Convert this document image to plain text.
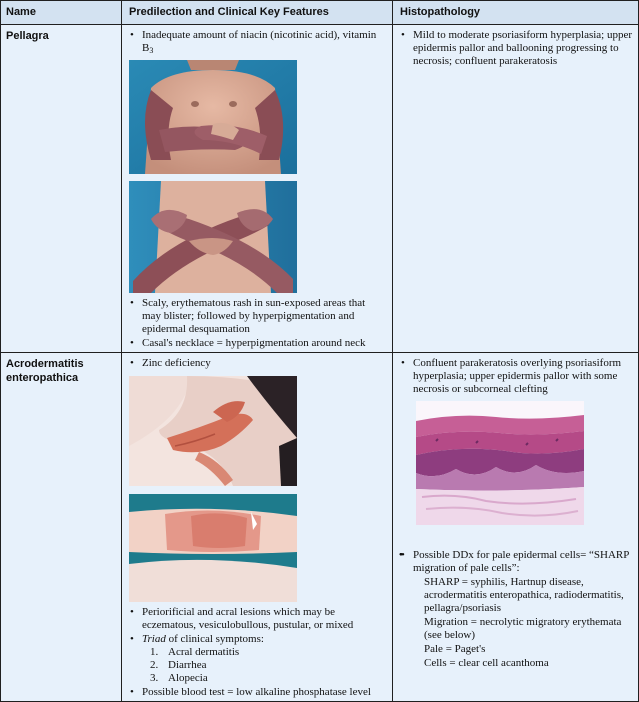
Name	Predilection and Clinical Key Features	Histopathology
Pellagra
•	Inadequate amount of niacin (nicotinic acid), vitamin $B_3$
• Scaly, erythematous rash in sun-exposed areas that may blister; followed by hyperpigmentation and epidermal desquamation
• Casal's necklace = hyperpigmentation around neck
• Mild to moderate psoriasiform hyperplasia; upper epidermis pallor and ballooning progressing to necrosis; confluent parakeratosis
Acrodermatitis enteropathica
• Zinc deficiency
• Periorificial and acral lesions which may be eczematous, vesiculobullous, pustular, or mixed
• Triad of clinical symptoms:
1. Acral dermatitis
2. Diarrhea
3. Alopecia
• Possible blood test = low alkaline phosphatase level
• Confluent parakeratosis overlying psoriasiform hyperplasia; upper epidermis pallor with some necrosis or subcorneal clefting
• Possible DDx for pale epidermal cells= “SHARP migration of pale cells”:
• SHARP = syphilis, Hartnup disease, acrodermatitis enteropathica, radiodermatitis, pellagra/psoriasis
• Migration = necrolytic migratory erythemata (see below)
• Pale = Paget's
• Cells = clear cell acanthoma
